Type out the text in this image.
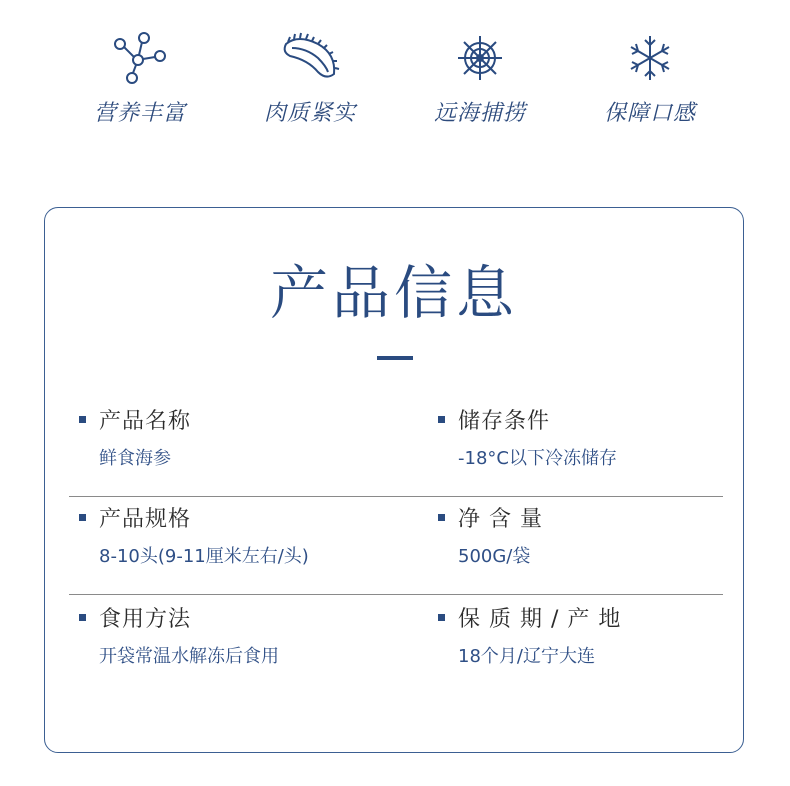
营养丰富	肉质紧实	远海捕捞	保障口感
产品信息
产品名称
鲜食海参
储存条件
-18°C以下冷冻储存
产品规格
8-10头(9-11厘米左右/头)
净 含 量
500G/袋
食用方法
开袋常温水解冻后食用
保 质 期 / 产 地
18个月/辽宁大连
